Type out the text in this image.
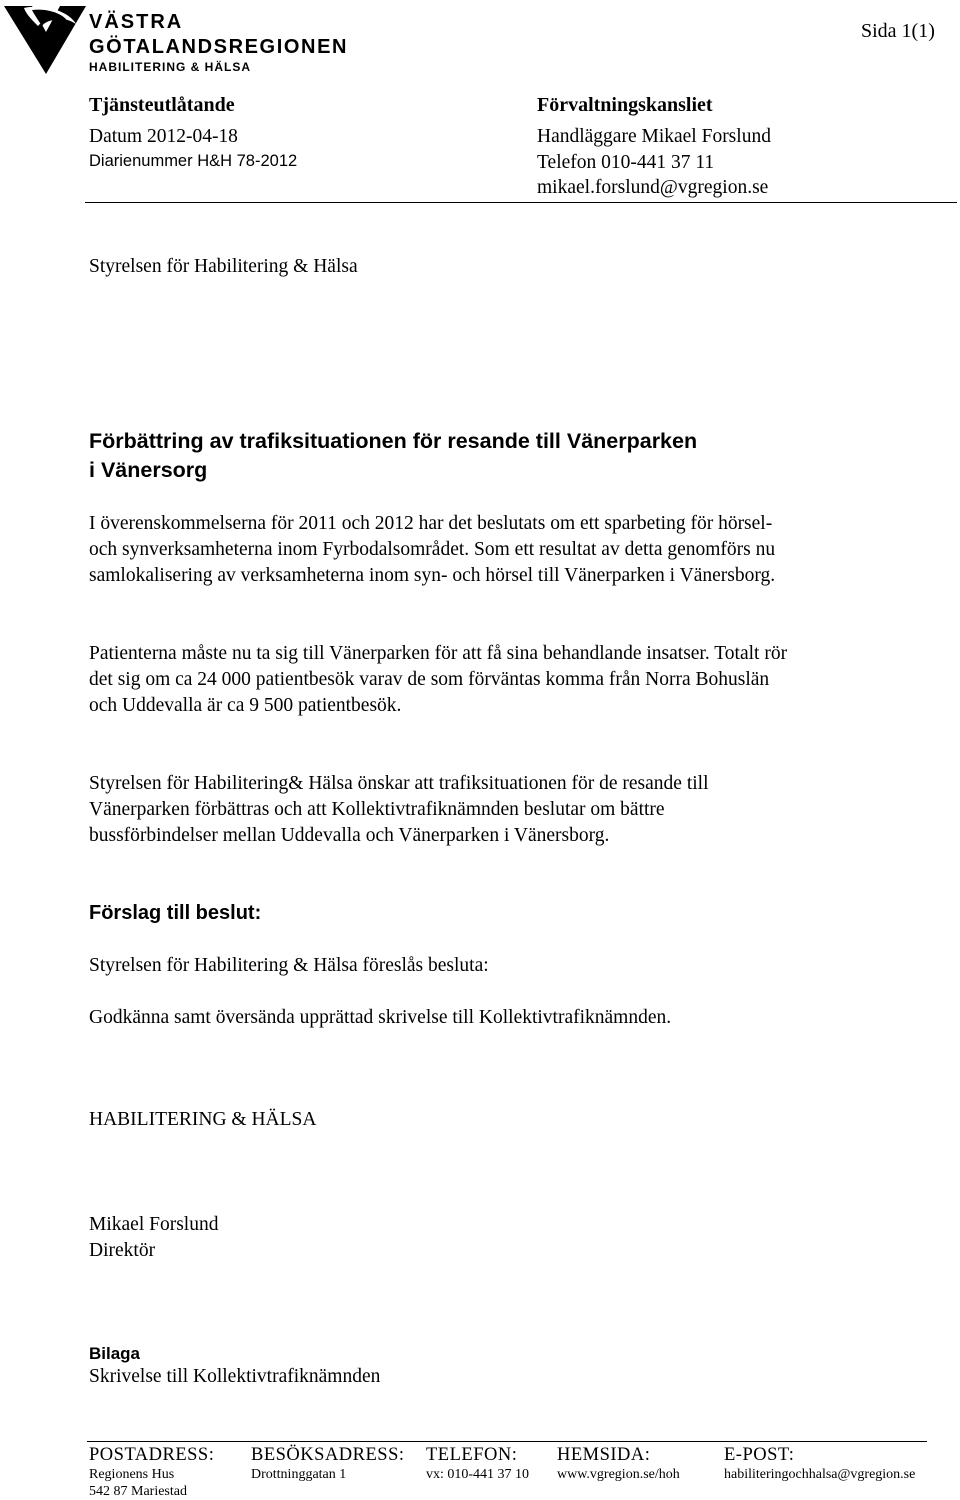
VÄSTRA
GÖTALANDSREGIONEN
HABILITERING & HÄLSA
Sida 1(1)
Tjänsteutlåtande
Datum 2012-04-18
Diarienummer H&H 78-2012
Förvaltningskansliet
Handläggare Mikael Forslund
Telefon 010-441 37 11
mikael.forslund@vgregion.se
Styrelsen för Habilitering & Hälsa
Förbättring av trafiksituationen för resande till Vänerparken
i Vänersorg
I överenskommelserna för 2011 och 2012 har det beslutats om ett sparbeting för hörsel- och synverksamheterna inom Fyrbodalsområdet. Som ett resultat av detta genomförs nu samlokalisering av verksamheterna inom syn- och hörsel till Vänerparken i Vänersborg.
Patienterna måste nu ta sig till Vänerparken för att få sina behandlande insatser. Totalt rör det sig om ca 24 000 patientbesök varav de som förväntas komma från Norra Bohuslän och Uddevalla är ca 9 500 patientbesök.
Styrelsen för Habilitering& Hälsa önskar att trafiksituationen för de resande till Vänerparken förbättras och att Kollektivtrafiknämnden beslutar om bättre bussförbindelser mellan Uddevalla och Vänerparken i Vänersborg.
Förslag till beslut:
Styrelsen för Habilitering & Hälsa föreslås besluta:
Godkänna samt översända upprättad skrivelse till Kollektivtrafiknämnden.
HABILITERING & HÄLSA
Mikael Forslund
Direktör
Bilaga
Skrivelse till Kollektivtrafiknämnden
POSTADRESS:
Regionens Hus
542 87 Mariestad
BESÖKSADRESS:
Drottninggatan 1
TELEFON:
vx: 010-441 37 10
HEMSIDA:
www.vgregion.se/hoh
E-POST:
habiliteringochhalsa@vgregion.se
